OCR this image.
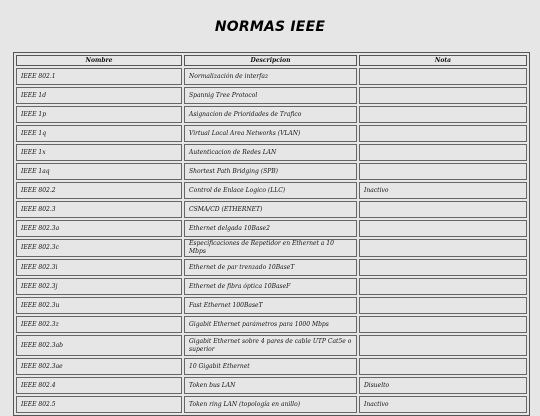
NORMAS IEEE
Nombre	Descripcion	Nota
IEEE 802.1	Normalización de interfaz	
IEEE 1d	Spannig Tree Protocol	
IEEE 1p	Asignacion de Prioridades de Trafico	
IEEE 1q	Virtual Local Area Networks (VLAN)	
IEEE 1x	Autenticacion de Redes LAN	
IEEE 1aq	Shortest Path Bridging (SPB)	
IEEE 802.2	Control de Enlace Logico (LLC)	Inactivo
IEEE 802.3	CSMA/CD (ETHERNET)	
IEEE 802.3a	Ethernet delgada 10Base2	
IEEE 802.3c	Especificaciones de Repetidor en Ethernet a 10 Mbps	
IEEE 802.3i	Ethernet de par trenzado 10BaseT	
IEEE 802.3j	Ethernet de fibra óptica 10BaseF	
IEEE 802.3u	Fast Ethernet 100BaseT	
IEEE 802.3z	Gigabit Ethernet parámetros para 1000 Mbps	
IEEE 802.3ab	Gigabit Ethernet sobre 4 pares de cable UTP Cat5e o superior	
IEEE 802.3ae	10 Gigabit Ethernet	
IEEE 802.4	Token bus LAN	Disuelto
IEEE 802.5	Token ring LAN (topología en anillo)	Inactivo
